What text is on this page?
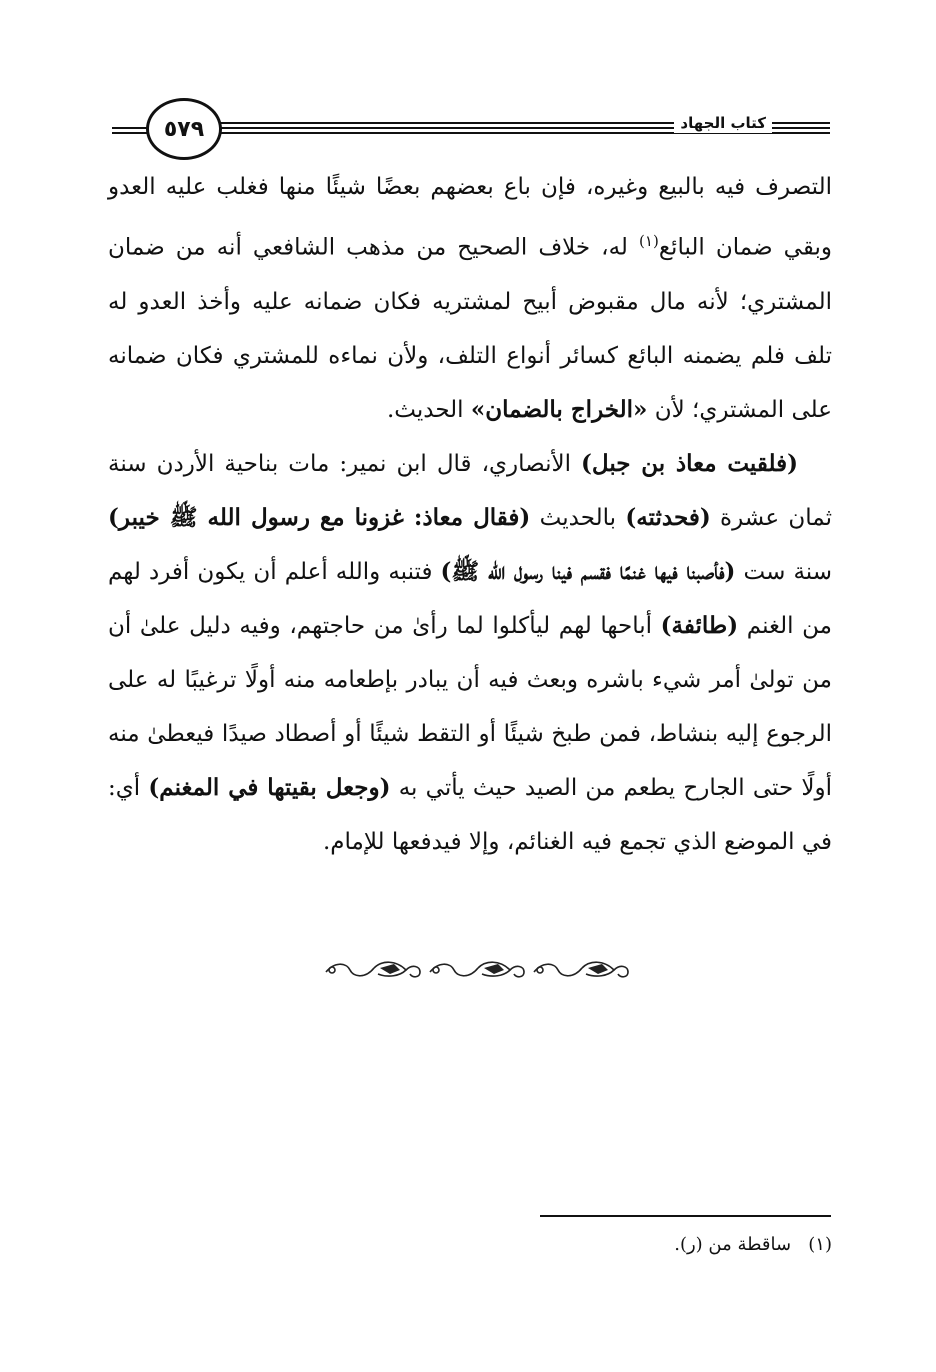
٥٧٩	كتاب الجهاد

التصرف فيه بالبيع وغيره، فإن باع بعضهم بعضًا شيئًا منها فغلب عليه العدو وبقي ضمان البائع$^{(١)}$ له، خلاف الصحيح من مذهب الشافعي أنه من ضمان المشتري؛ لأنه مال مقبوض أبيح لمشتريه فكان ضمانه عليه وأخذ العدو له تلف فلم يضمنه البائع كسائر أنواع التلف، ولأن نماءه للمشتري فكان ضمانه على المشتري؛ لأن «الخراج بالضمان» الحديث.

(فلقيت معاذ بن جبل) الأنصاري، قال ابن نمير: مات بناحية الأردن سنة ثمان عشرة (فحدثته) بالحديث (فقال معاذ: غزونا مع رسول الله ﷺ خيبر) سنة ست (فأصبنا فيها غنمًا فقسم فينا رسول الله ﷺ) فتنبه والله أعلم أن يكون أفرد لهم من الغنم (طائفة) أباحها لهم ليأكلوا لما رأىٰ من حاجتهم، وفيه دليل علىٰ أن من تولىٰ أمر شيء باشره وبعث فيه أن يبادر بإطعامه منه أولًا ترغيبًا له على الرجوع إليه بنشاط، فمن طبخ شيئًا أو التقط شيئًا أو أصطاد صيدًا فيعطىٰ منه أولًا حتى الجارح يطعم من الصيد حيث يأتي به (وجعل بقيتها في المغنم) أي: في الموضع الذي تجمع فيه الغنائم، وإلا فيدفعها للإمام.

(١)   ساقطة من (ر).
